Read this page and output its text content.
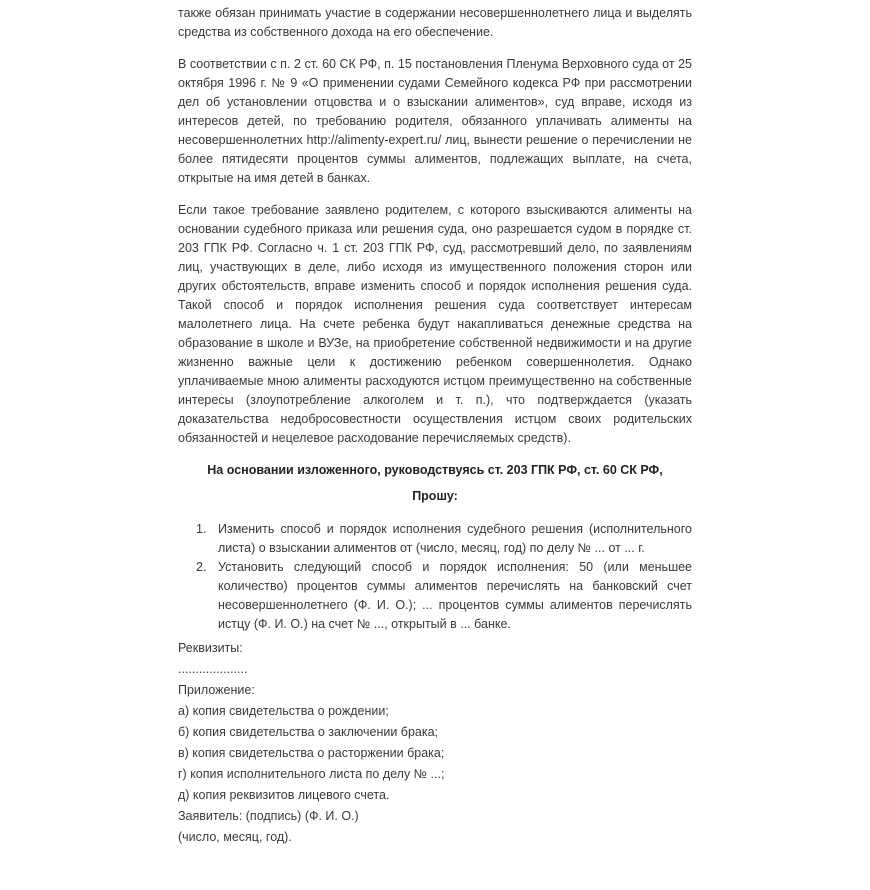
также обязан принимать участие в содержании несовершеннолетнего лица и выделять средства из собственного дохода на его обеспечение.

В соответствии с п. 2 ст. 60 СК РФ, п. 15 постановления Пленума Верховного суда от 25 октября 1996 г. № 9 «О применении судами Семейного кодекса РФ при рассмотрении дел об установлении отцовства и о взыскании алиментов», суд вправе, исходя из интересов детей, по требованию родителя, обязанного уплачивать алименты на несовершеннолетних http://alimenty-expert.ru/ лиц, вынести решение о перечислении не более пятидесяти процентов суммы алиментов, подлежащих выплате, на счета, открытые на имя детей в банках.

Если такое требование заявлено родителем, с которого взыскиваются алименты на основании судебного приказа или решения суда, оно разрешается судом в порядке ст. 203 ГПК РФ. Согласно ч. 1 ст. 203 ГПК РФ, суд, рассмотревший дело, по заявлениям лиц, участвующих в деле, либо исходя из имущественного положения сторон или других обстоятельств, вправе изменить способ и порядок исполнения решения суда. Такой способ и порядок исполнения решения суда соответствует интересам малолетнего лица. На счете ребенка будут накапливаться денежные средства на образование в школе и ВУЗе, на приобретение собственной недвижимости и на другие жизненно важные цели к достижению ребенком совершеннолетия. Однако уплачиваемые мною алименты расходуются истцом преимущественно на собственные интересы (злоупотребление алкоголем и т. п.), что подтверждается (указать доказательства недобросовестности осуществления истцом своих родительских обязанностей и нецелевое расходование перечисляемых средств).

На основании изложенного, руководствуясь ст. 203 ГПК РФ, ст. 60 СК РФ,
Прошу:
1. Изменить способ и порядок исполнения судебного решения (исполнительного листа) о взыскании алиментов от (число, месяц, год) по делу № ... от ... г.
2. Установить следующий способ и порядок исполнения: 50 (или меньшее количество) процентов суммы алиментов перечислять на банковский счет несовершеннолетнего (Ф. И. О.); ... процентов суммы алиментов перечислять истцу (Ф. И. О.) на счет № ..., открытый в ... банке.
Реквизиты:
....................
Приложение:
а) копия свидетельства о рождении;
б) копия свидетельства о заключении брака;
в) копия свидетельства о расторжении брака;
г) копия исполнительного листа по делу № ...;
д) копия реквизитов лицевого счета.
Заявитель: (подпись) (Ф. И. О.)
(число, месяц, год).
